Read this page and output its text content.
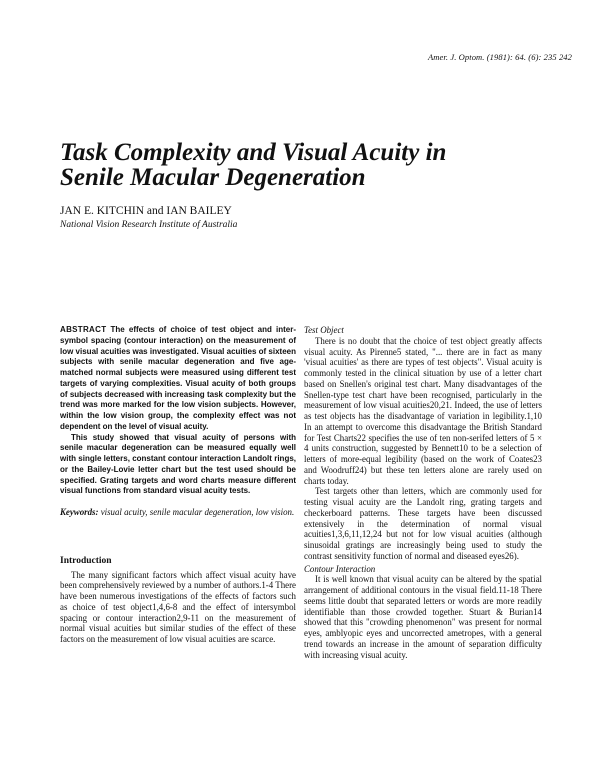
Amer. J. Optom. (1981): 64. (6): 235 242
Task Complexity and Visual Acuity in
Senile Macular Degeneration
JAN E. KITCHIN and IAN BAILEY
National Vision Research Institute of Australia

ABSTRACT The effects of choice of test object and inter-symbol spacing (contour interaction) on the measurement of low visual acuities was investigated. Visual acuities of sixteen subjects with senile macular degeneration and five age-matched normal subjects were measured using different test targets of varying complexities. Visual acuity of both groups of subjects decreased with increasing task complexity but the trend was more marked for the low vision subjects. However, within the low vision group, the complexity effect was not dependent on the level of visual acuity.

This study showed that visual acuity of persons with senile macular degeneration can be measured equally well with single letters, constant contour interaction Landolt rings, or the Bailey-Lovie letter chart but the test used should be specified. Grating targets and word charts measure different visual functions from standard visual acuity tests.

Keywords: visual acuity, senile macular degeneration, low vision.

Introduction

The many significant factors which affect visual acuity have been comprehensively reviewed by a number of authors.1-4 There have been numerous investigations of the effects of factors such as choice of test object1,4,6-8 and the effect of intersymbol spacing or contour interaction2,9-11 on the measurement of normal visual acuities but similar studies of the effect of these factors on the measurement of low visual acuities are scarce.

Test Object

There is no doubt that the choice of test object greatly affects visual acuity. As Pirenne5 stated, "... there are in fact as many 'visual acuities' as there are types of test objects". Visual acuity is commonly tested in the clinical situation by use of a letter chart based on Snellen's original test chart. Many disadvantages of the Snellen-type test chart have been recognised, particularly in the measurement of low visual acuities20,21. Indeed, the use of letters as test objects has the disadvantage of variation in legibility.1,10 In an attempt to overcome this disadvantage the British Standard for Test Charts22 specifies the use of ten non-serifed letters of 5 × 4 units construction, suggested by Bennett10 to be a selection of letters of more-equal legibility (based on the work of Coates23 and Woodruff24) but these ten letters alone are rarely used on charts today.

Test targets other than letters, which are commonly used for testing visual acuity are the Landolt ring, grating targets and checkerboard patterns. These targets have been discussed extensively in the determination of normal visual acuities1,3,6,11,12,24 but not for low visual acuities (although sinusoidal gratings are increasingly being used to study the contrast sensitivity function of normal and diseased eyes26).

Contour Interaction

It is well known that visual acuity can be altered by the spatial arrangement of additional contours in the visual field.11-18 There seems little doubt that separated letters or words are more readily identifiable than those crowded together. Stuart & Burian14 showed that this "crowding phenomenon" was present for normal eyes, amblyopic eyes and uncorrected ametropes, with a general trend towards an increase in the amount of separation difficulty with increasing visual acuity.
